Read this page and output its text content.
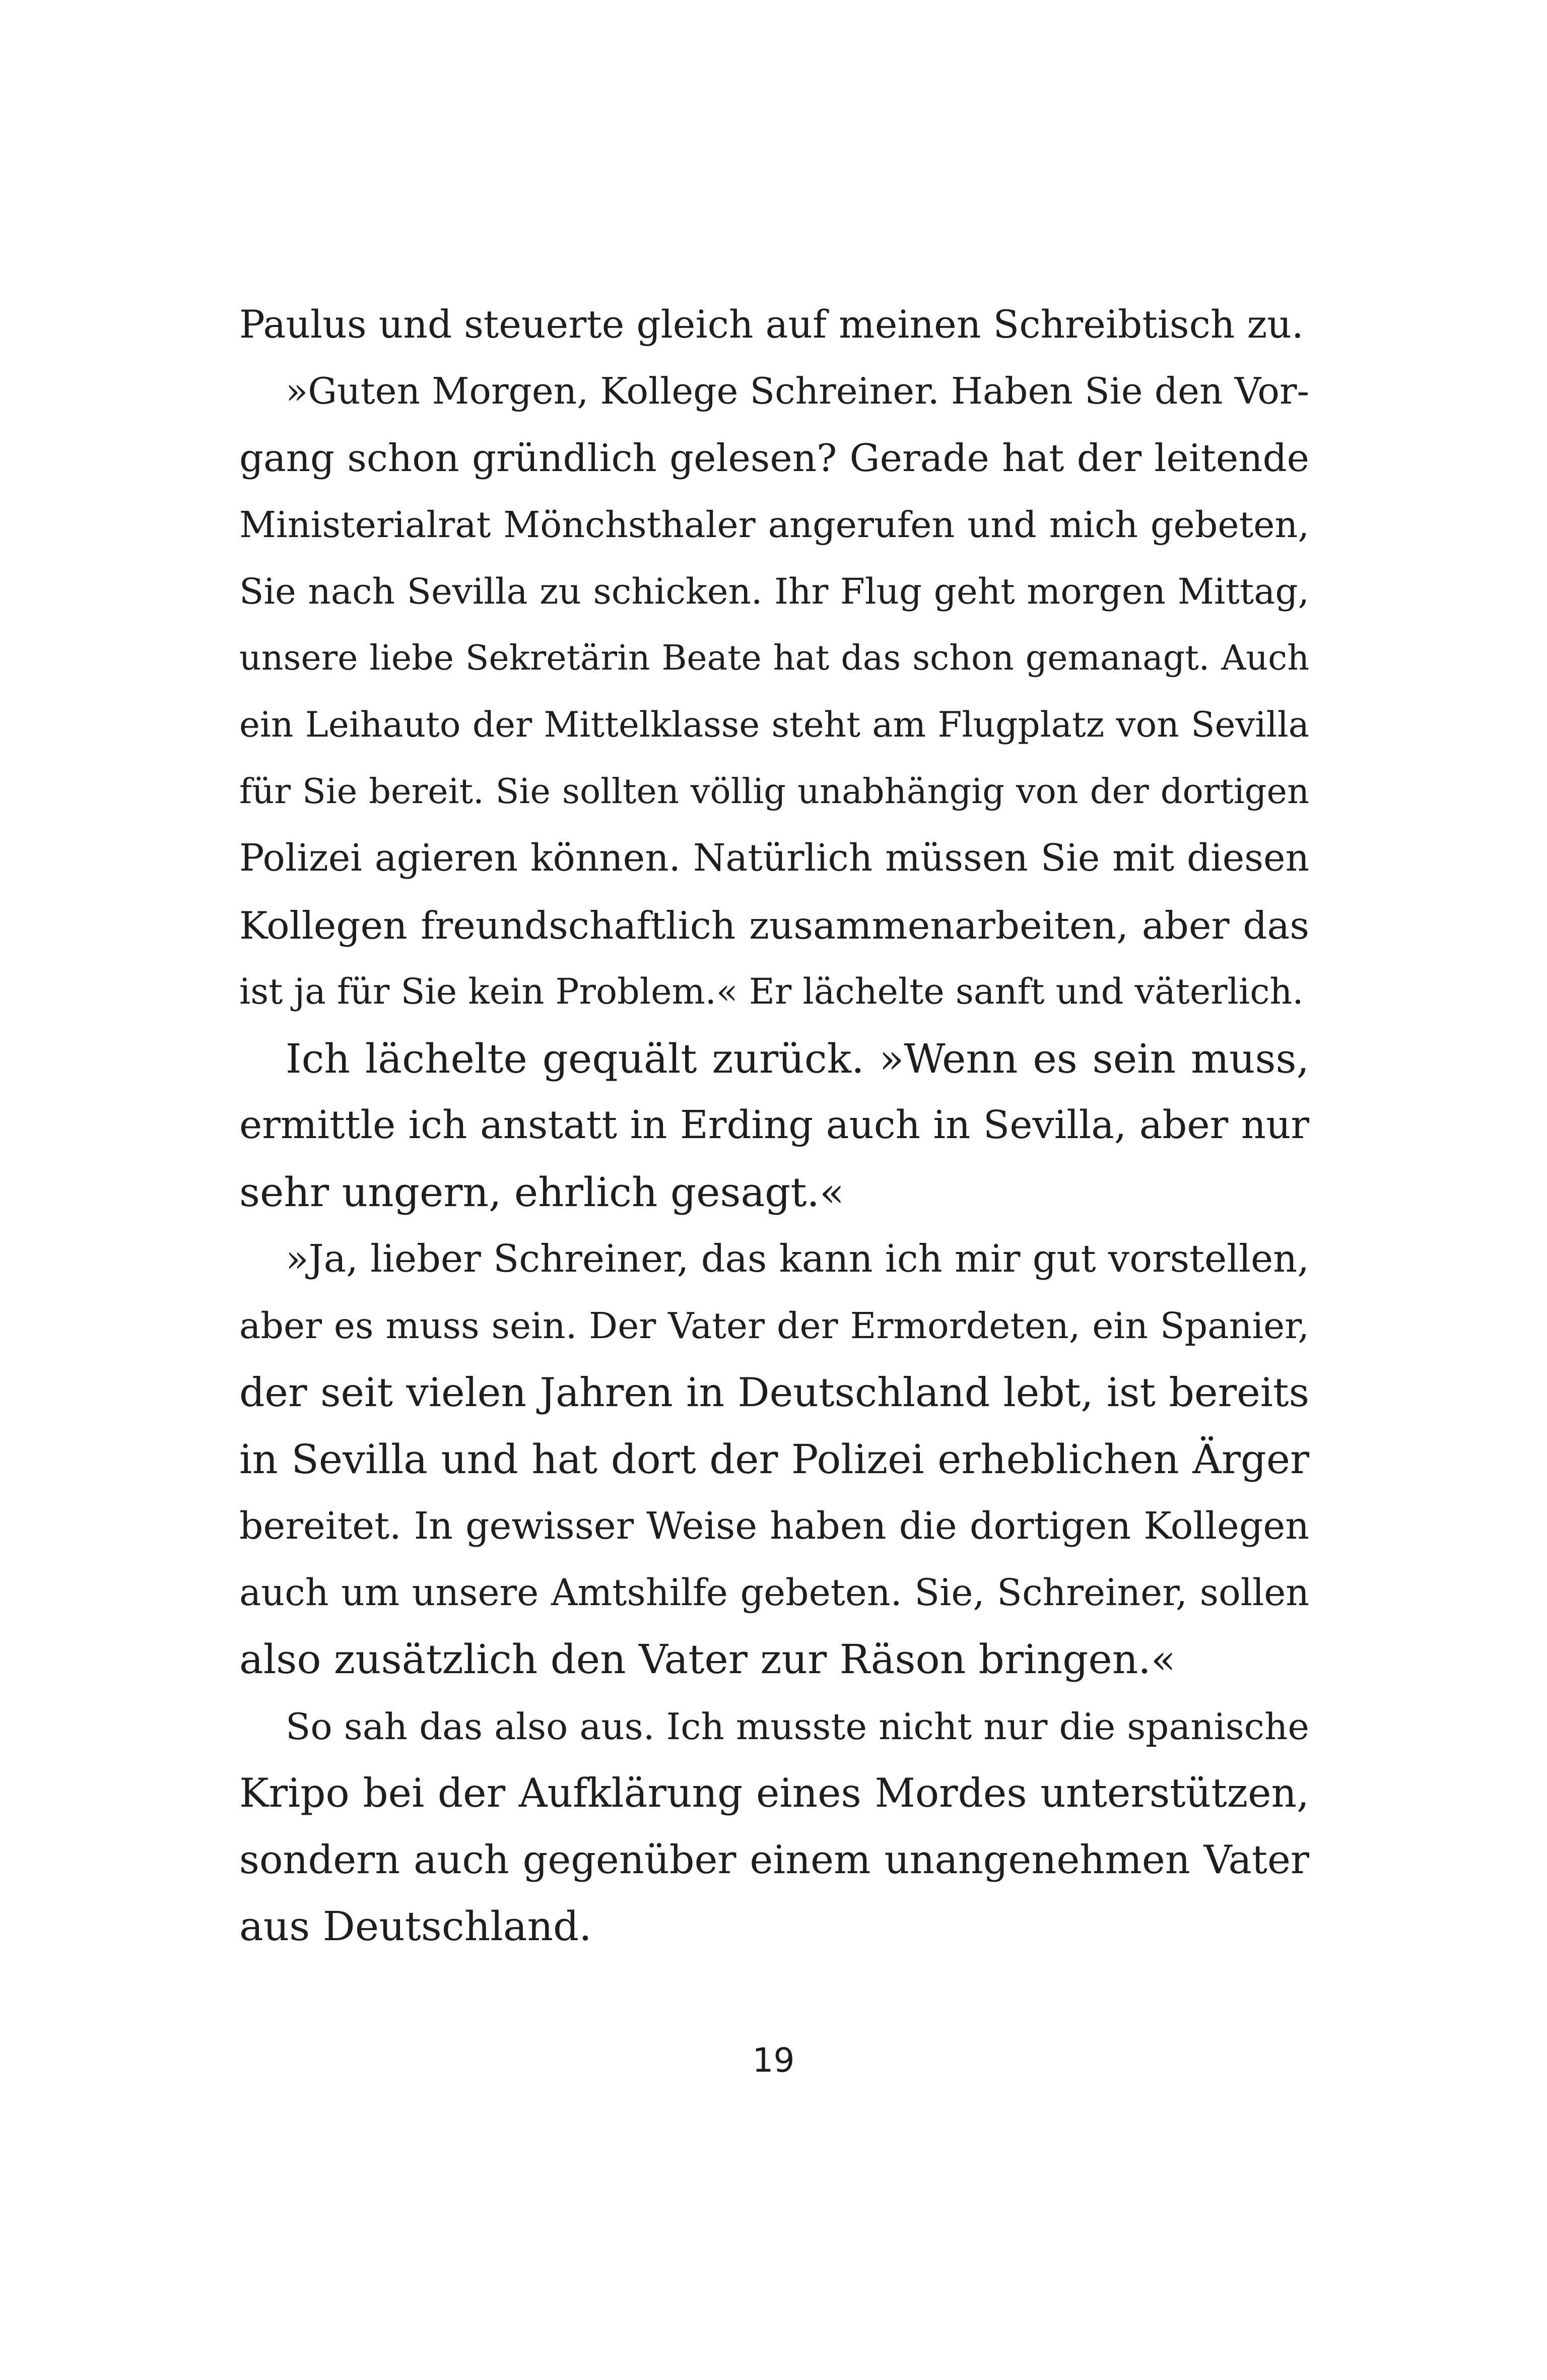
Paulus und steuerte gleich auf meinen Schreibtisch zu.
»Guten Morgen, Kollege Schreiner. Haben Sie den Vor-
gang schon gründlich gelesen? Gerade hat der leitende
Ministerialrat Mönchsthaler angerufen und mich gebeten,
Sie nach Sevilla zu schicken. Ihr Flug geht morgen Mittag,
unsere liebe Sekretärin Beate hat das schon gemanagt. Auch
ein Leihauto der Mittelklasse steht am Flugplatz von Sevilla
für Sie bereit. Sie sollten völlig unabhängig von der dortigen
Polizei agieren können. Natürlich müssen Sie mit diesen
Kollegen freundschaftlich zusammenarbeiten, aber das
ist ja für Sie kein Problem.« Er lächelte sanft und väterlich.
Ich lächelte gequält zurück. »Wenn es sein muss,
ermittle ich anstatt in Erding auch in Sevilla, aber nur
sehr ungern, ehrlich gesagt.«
»Ja, lieber Schreiner, das kann ich mir gut vorstellen,
aber es muss sein. Der Vater der Ermordeten, ein Spanier,
der seit vielen Jahren in Deutschland lebt, ist bereits
in Sevilla und hat dort der Polizei erheblichen Ärger
bereitet. In gewisser Weise haben die dortigen Kollegen
auch um unsere Amtshilfe gebeten. Sie, Schreiner, sollen
also zusätzlich den Vater zur Räson bringen.«
So sah das also aus. Ich musste nicht nur die spanische
Kripo bei der Aufklärung eines Mordes unterstützen,
sondern auch gegenüber einem unangenehmen Vater
aus Deutschland.
19
